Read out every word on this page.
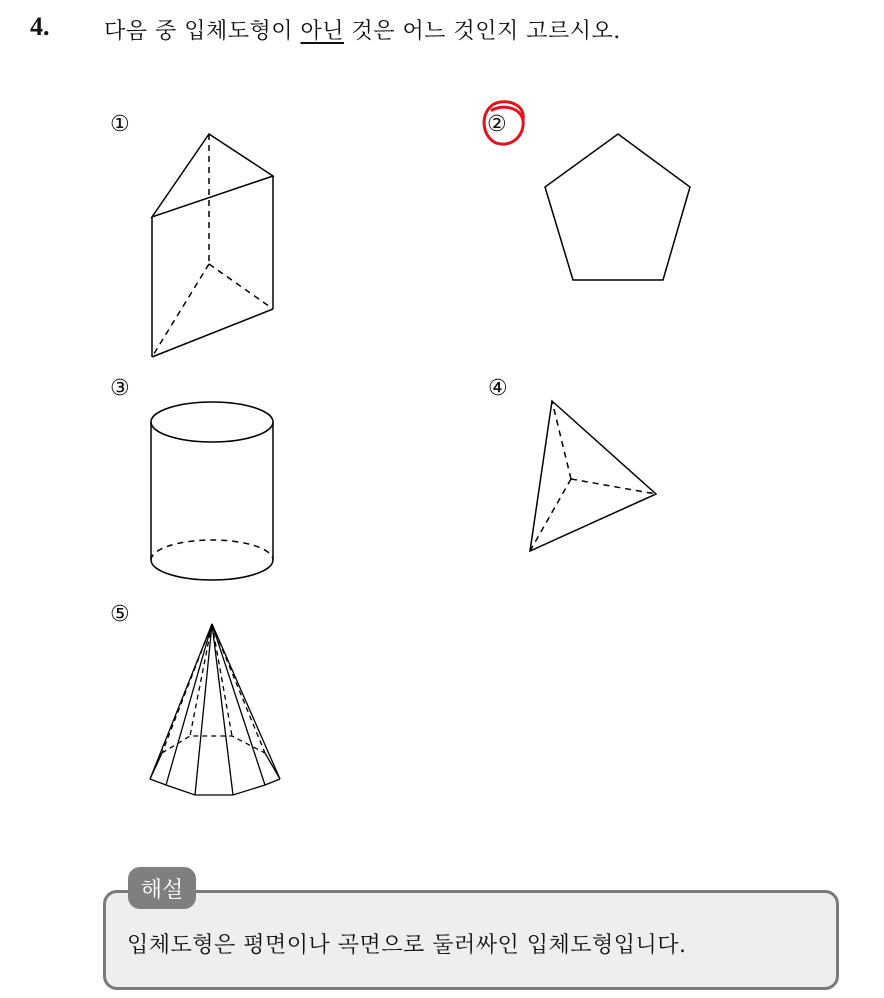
4. 다음 중 입체도형이 아닌 것은 어느 것인지 고르시오.
①	②
③	④
⑤
해설
입체도형은 평면이나 곡면으로 둘러싸인 입체도형입니다.
